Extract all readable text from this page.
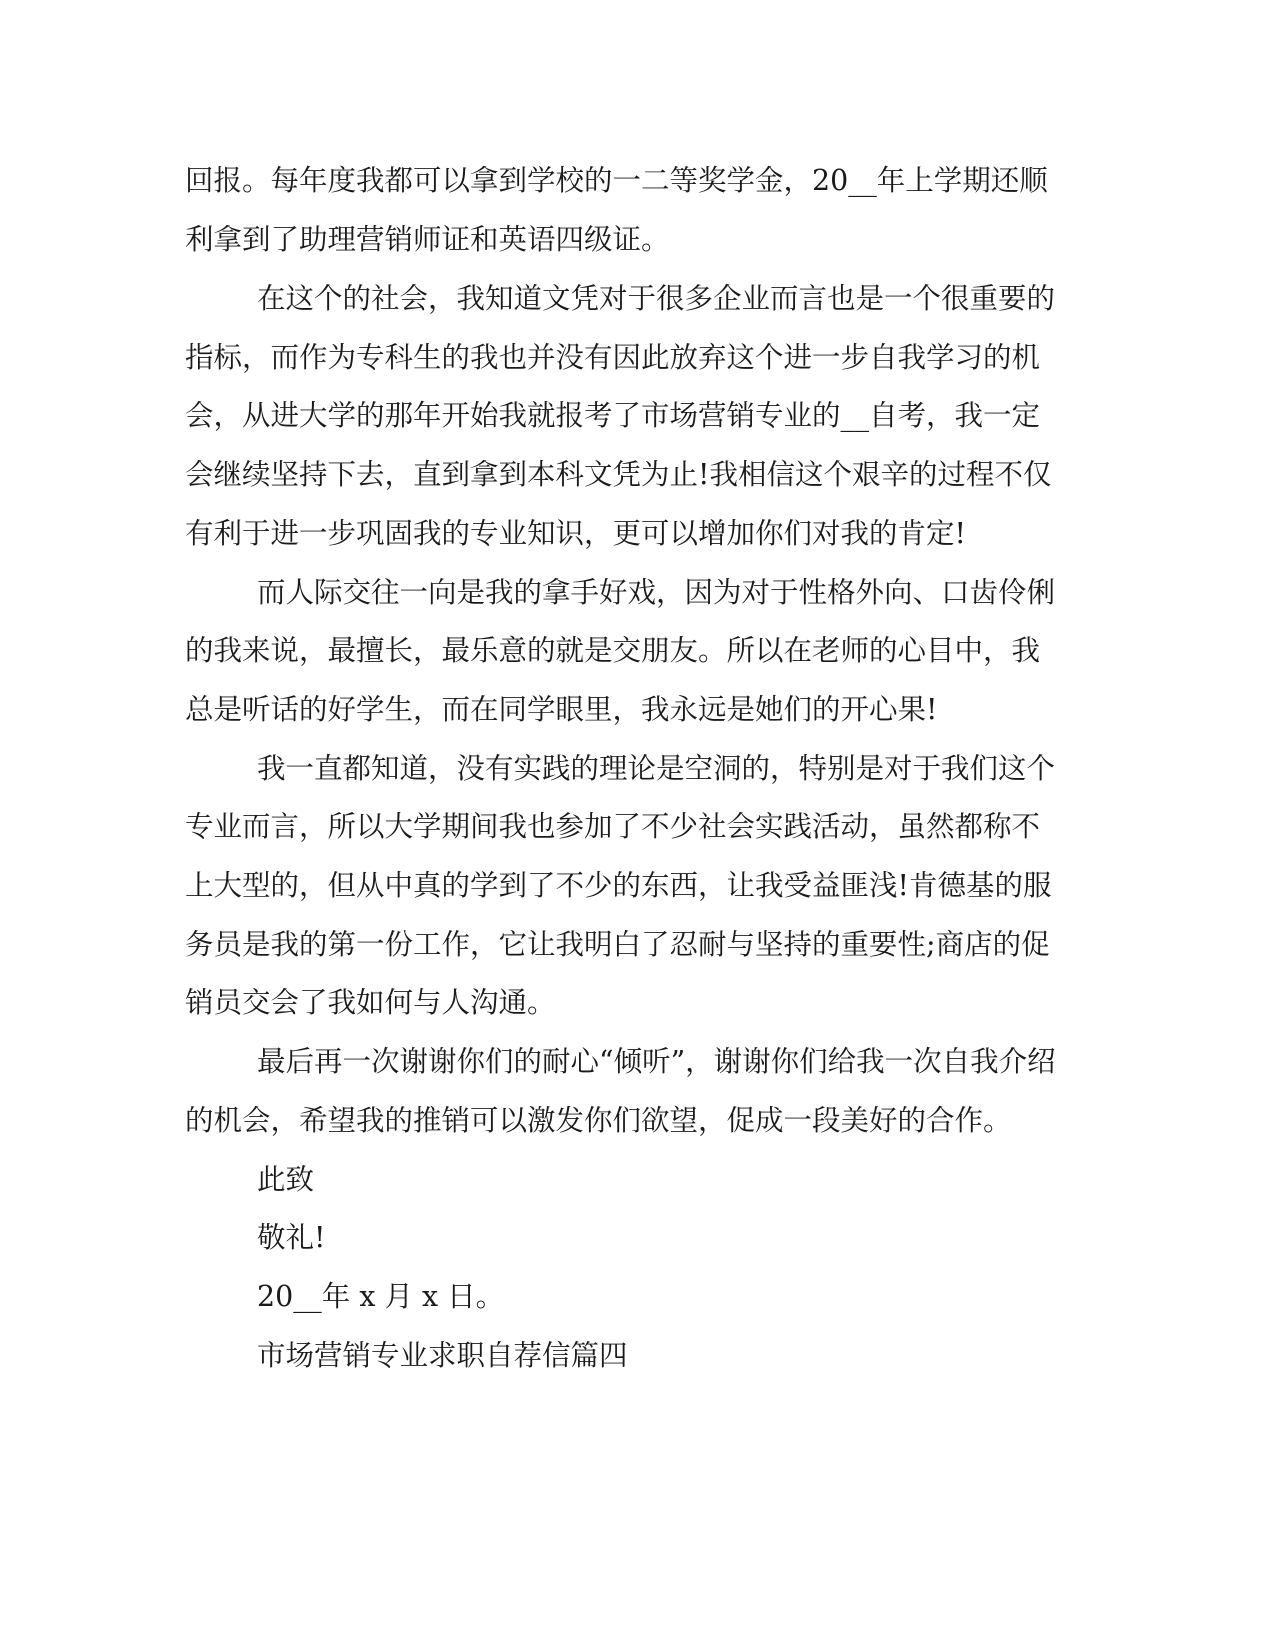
回报。每年度我都可以拿到学校的一二等奖学金，20__年上学期还顺

利拿到了助理营销师证和英语四级证。

在这个的社会，我知道文凭对于很多企业而言也是一个很重要的

指标，而作为专科生的我也并没有因此放弃这个进一步自我学习的机

会，从进大学的那年开始我就报考了市场营销专业的__自考，我一定

会继续坚持下去，直到拿到本科文凭为止!我相信这个艰辛的过程不仅

有利于进一步巩固我的专业知识，更可以增加你们对我的肯定!

而人际交往一向是我的拿手好戏，因为对于性格外向、口齿伶俐

的我来说，最擅长，最乐意的就是交朋友。所以在老师的心目中，我

总是听话的好学生，而在同学眼里，我永远是她们的开心果!

我一直都知道，没有实践的理论是空洞的，特别是对于我们这个

专业而言，所以大学期间我也参加了不少社会实践活动，虽然都称不

上大型的，但从中真的学到了不少的东西，让我受益匪浅!肯德基的服

务员是我的第一份工作，它让我明白了忍耐与坚持的重要性;商店的促

销员交会了我如何与人沟通。

最后再一次谢谢你们的耐心“倾听”，谢谢你们给我一次自我介绍

的机会，希望我的推销可以激发你们欲望，促成一段美好的合作。

此致

敬礼!

20__年 x 月 x 日。

市场营销专业求职自荐信篇四
